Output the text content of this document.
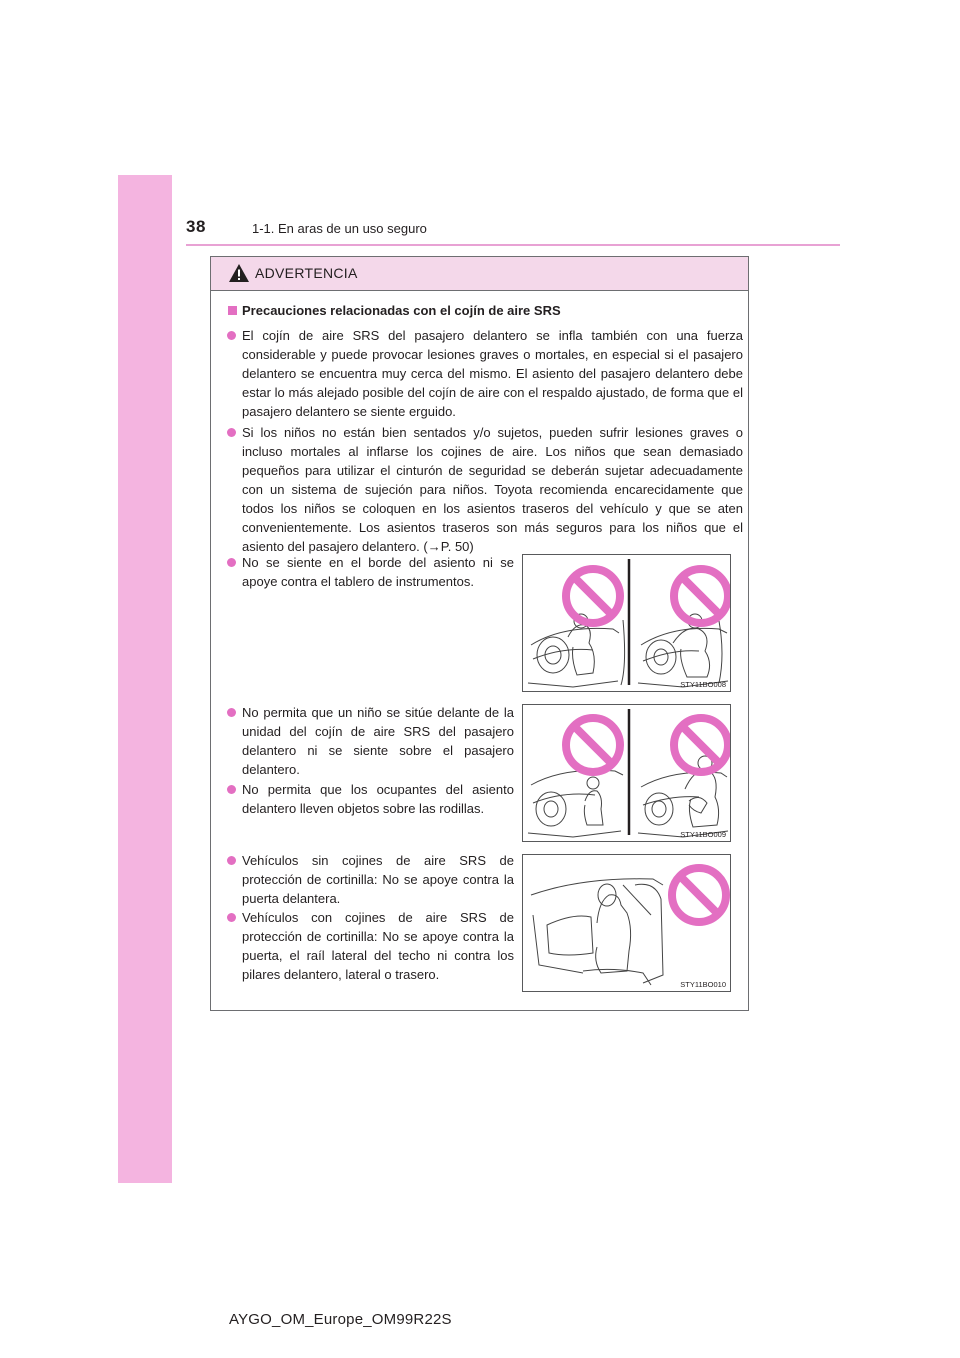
38	1-1. En aras de un uso seguro
ADVERTENCIA
Precauciones relacionadas con el cojín de aire SRS
El cojín de aire SRS del pasajero delantero se infla también con una fuerza considerable y puede provocar lesiones graves o mortales, en especial si el pasajero delantero se encuentra muy cerca del mismo. El asiento del pasajero delantero debe estar lo más alejado posible del cojín de aire con el respaldo ajustado, de forma que el pasajero delantero se siente erguido.
Si los niños no están bien sentados y/o sujetos, pueden sufrir lesiones graves o incluso mortales al inflarse los cojines de aire. Los niños que sean demasiado pequeños para utilizar el cinturón de seguridad se deberán sujetar adecuadamente con un sistema de sujeción para niños. Toyota recomienda encarecidamente que todos los niños se coloquen en los asientos traseros del vehículo y que se aten convenientemente. Los asientos traseros son más seguros para los niños que el asiento del pasajero delantero. (→P. 50)
No se siente en el borde del asiento ni se apoye contra el tablero de instrumentos.
No permita que un niño se sitúe delante de la unidad del cojín de aire SRS del pasajero delantero ni se siente sobre el pasajero delantero.
No permita que los ocupantes del asiento delantero lleven objetos sobre las rodillas.
Vehículos sin cojines de aire SRS de protección de cortinilla: No se apoye contra la puerta delantera.
Vehículos con cojines de aire SRS de protección de cortinilla: No se apoye contra la puerta, el raíl lateral del techo ni contra los pilares delantero, lateral o trasero.
STY11BO008
STY11BO009
STY11BO010
AYGO_OM_Europe_OM99R22S
